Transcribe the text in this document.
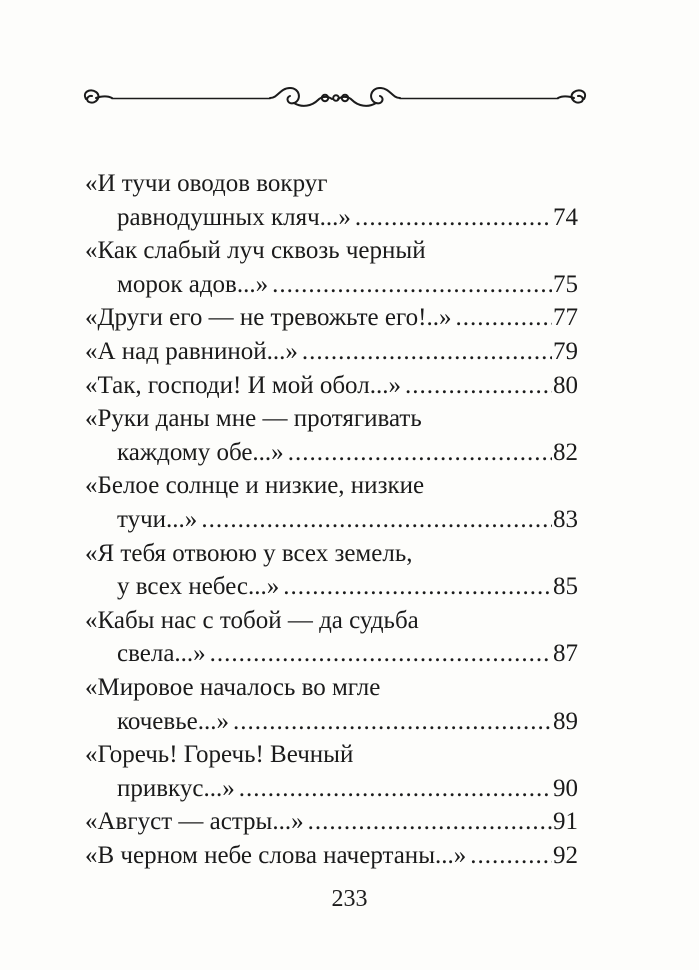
«И тучи оводов вокруг
равнодушных кляч...» .....	74
«Как слабый луч сквозь черный
морок адов...» .....	75
«Други его — не тревожьте его!..» .....	77
«А над равниной...» .....	79
«Так, господи! И мой обол...» .....	80
«Руки даны мне — протягивать
каждому обе...» .....	82
«Белое солнце и низкие, низкие
тучи...» .....	83
«Я тебя отвоюю у всех земель,
у всех небес...» .....	85
«Кабы нас с тобой — да судьба
свела...» .....	87
«Мировое началось во мгле
кочевье...» .....	89
«Горечь! Горечь! Вечный
привкус...» .....	90
«Август — астры...» .....	91
«В черном небе слова начертаны...» .....	92
233
